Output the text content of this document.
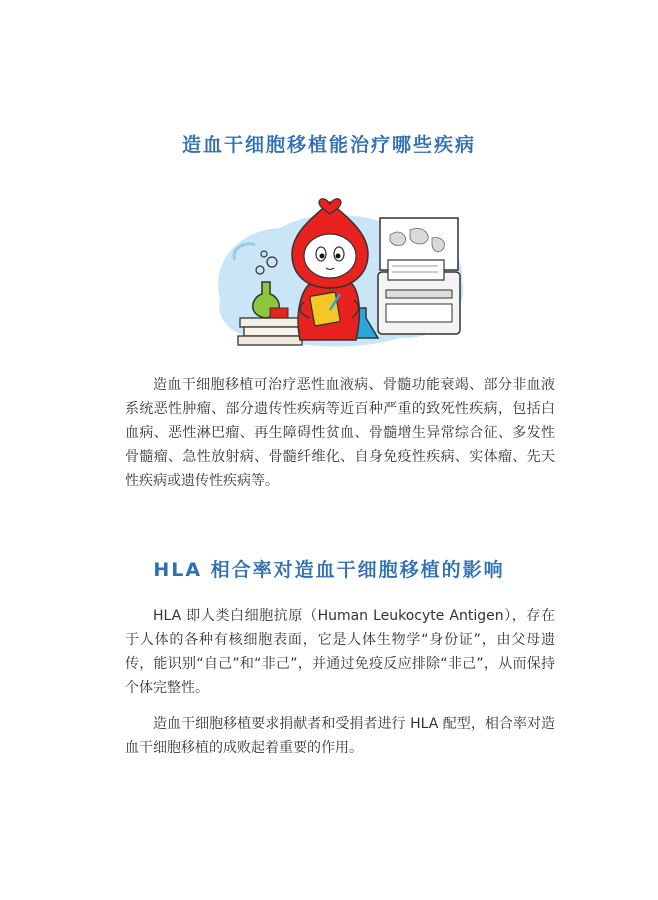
造血干细胞移植能治疗哪些疾病

造血干细胞移植可治疗恶性血液病、骨髓功能衰竭、部分非血液系统恶性肿瘤、部分遗传性疾病等近百种严重的致死性疾病，包括白血病、恶性淋巴瘤、再生障碍性贫血、骨髓增生异常综合征、多发性骨髓瘤、急性放射病、骨髓纤维化、自身免疫性疾病、实体瘤、先天性疾病或遗传性疾病等。

HLA 相合率对造血干细胞移植的影响

HLA 即人类白细胞抗原（Human Leukocyte Antigen），存在于人体的各种有核细胞表面，它是人体生物学“身份证”，由父母遗传，能识别“自己”和“非己”，并通过免疫反应排除“非己”，从而保持个体完整性。

造血干细胞移植要求捐献者和受捐者进行 HLA 配型，相合率对造血干细胞移植的成败起着重要的作用。
